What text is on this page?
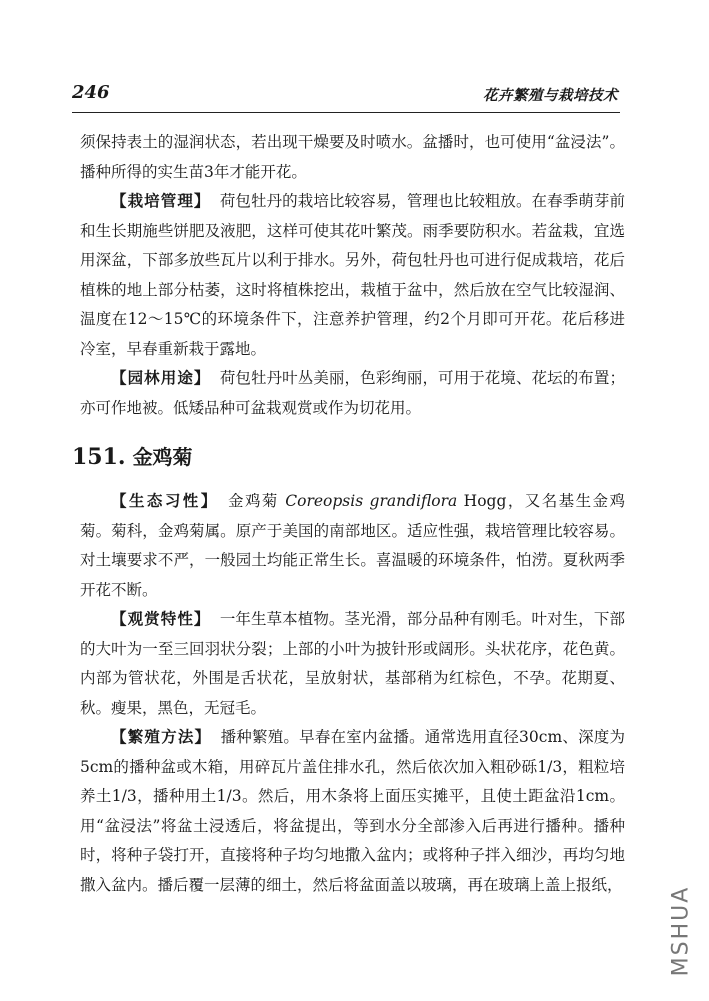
246	花卉繁殖与栽培技术

须保持表土的湿润状态，若出现干燥要及时喷水。盆播时，也可使用“盆浸法”。播种所得的实生苗3年才能开花。

【栽培管理】 荷包牡丹的栽培比较容易，管理也比较粗放。在春季萌芽前和生长期施些饼肥及液肥，这样可使其花叶繁茂。雨季要防积水。若盆栽，宜选用深盆，下部多放些瓦片以利于排水。另外，荷包牡丹也可进行促成栽培，花后植株的地上部分枯萎，这时将植株挖出，栽植于盆中，然后放在空气比较湿润、温度在12～15℃的环境条件下，注意养护管理，约2个月即可开花。花后移进冷室，早春重新栽于露地。

【园林用途】 荷包牡丹叶丛美丽，色彩绚丽，可用于花境、花坛的布置；亦可作地被。低矮品种可盆栽观赏或作为切花用。

151. 金鸡菊

【生态习性】 金鸡菊 Coreopsis grandiflora Hogg，又名基生金鸡菊。菊科，金鸡菊属。原产于美国的南部地区。适应性强，栽培管理比较容易。对土壤要求不严，一般园土均能正常生长。喜温暖的环境条件，怕涝。夏秋两季开花不断。

【观赏特性】 一年生草本植物。茎光滑，部分品种有刚毛。叶对生，下部的大叶为一至三回羽状分裂；上部的小叶为披针形或阔形。头状花序，花色黄。内部为管状花，外围是舌状花，呈放射状，基部稍为红棕色，不孕。花期夏、秋。瘦果，黑色，无冠毛。

【繁殖方法】 播种繁殖。早春在室内盆播。通常选用直径30cm、深度为5cm的播种盆或木箱，用碎瓦片盖住排水孔，然后依次加入粗砂砾1/3，粗粒培养土1/3，播种用土1/3。然后，用木条将上面压实摊平，且使土距盆沿1cm。用“盆浸法”将盆土浸透后，将盆提出，等到水分全部渗入后再进行播种。播种时，将种子袋打开，直接将种子均匀地撒入盆内；或将种子拌入细沙，再均匀地撒入盆内。播后覆一层薄的细土，然后将盆面盖以玻璃，再在玻璃上盖上报纸，

MSHUA
